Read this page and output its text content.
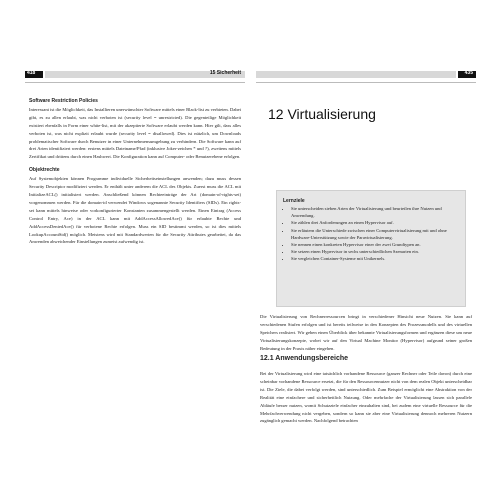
418	15 Sicherheit

Software Restriction Policies

Interessant ist die Möglichkeit, das Installieren unerwünschter Software mittels einer Black-list zu verbieten. Dabei gibt, es zu allen erlaubt, was nicht verboten ist (security level = unrestricted). Die gegenteilige Möglichkeit existiert ebenfalls in Form einer white-list, mit der akzeptierte Software erlaubt werden kann. Hier gilt, dass alles verboten ist, was nicht explizit erlaubt wurde (security level = disallowed). Dies ist nützlich, um Downloads problematischer Software durch Benutzer in einer Unternehmensumgebung zu verhindern. Die Software kann auf drei Arten identifiziert werden: erstens mittels Dateiname/Pfad (inklusive Joker-zeichen * und ?), zweitens mittels Zertifikat und drittens durch einen Hashwert. Die Konfiguration kann auf Computer- oder Benutzerebene erfolgen.

Objektrechte

Auf Systemobjekten können Programme individuelle Sicherheitseinstellungen anwenden; dazu muss dessen Security Descriptor modifiziert werden. Er enthält unter anderem die ACL des Objekts. Zuerst muss die ACL mit InitializeACL() initialisiert werden. Anschließend können Rechteeinträge der Art (domain-of-rights-set) vorgenommen werden. Für die domain-id verwendet Windows sogenannte Security Identifiers (SIDs). Ein rights-set kann mittels hinweise oder vorkonfigurierter Konstanten zusammengestellt werden. Einen Eintrag (Access Control Entry, Ace) in der ACL kann mit AddAccessAllowedAce() für erlaubte Rechte und AddAccessDeniedAce() für verbotene Rechte erfolgen. Muss ein SID bestimmt werden, so ist dies mittels LookupAccountSid() möglich. Meistens wird mit Standardwerten für die Security Attributes gearbeitet, da das Anwenden abweichender Einstellungen zumeist aufwendig ist.

435
12 Virtualisierung
Lernziele
• Sie unterscheiden sieben Arten der Virtualisierung und beurteilen ihre Nutzen und Anwendung.
• Sie zählen drei Anforderungen an einen Hypervisor auf.
• Sie erläutern die Unterschiede zwischen einer Computervirtualisierung mit und ohne Hardware-Unterstützung sowie der Paravirtualisierung.
• Sie nennen einen konkreten Hypervisor einer der zwei Grundtypen an.
• Sie setzen einen Hypervisor in sechs unterschiedlichen Szenarien ein.
• Sie vergleichen Container-Systeme mit Unikernels.

Die Virtualisierung von Rechnerressourcen bringt in verschiedener Hinsicht neue Nutzen. Sie kann auf verschiedenen Stufen erfolgen und ist bereits teilweise in den Konzepten des Prozessmodells und des virtuellen Speichers realisiert. Wir geben einen Überblick über bekannte Virtualisierungsformen und ergänzen diese um neue Virtualisierungskonzepte, wobei wir auf den Virtual Machine Monitor (Hypervisor) aufgrund seiner großen Bedeutung in der Praxis näher eingehen.

12.1 Anwendungsbereiche

Bei der Virtualisierung wird eine tatsächlich vorhandene Ressource (ganzer Rechner oder Teile davon) durch eine scheinbar vorhandene Ressource ersetzt, die für den Ressourcennutzer nicht von dem realen Objekt unterscheidbar ist. Die Ziele, die dabei verfolgt werden, sind unterschiedlich. Zum Beispiel ermöglicht eine Abstraktion von der Realität eine einfachere und sicherheitlich Nutzung. Oder mehrfache der Virtualisierung lassen sich parallele Abläufe besser nutzen, womit Schutzziele einfacher einzuhalten sind, bei zudem eine virtuelle Ressource für die Mehrfachverwendung nicht vergeben, sondern so kann sie aber eine Virtualisierung dennoch mehreren Nutzern zugänglich gemacht werden. Nachfolgend betrachten
